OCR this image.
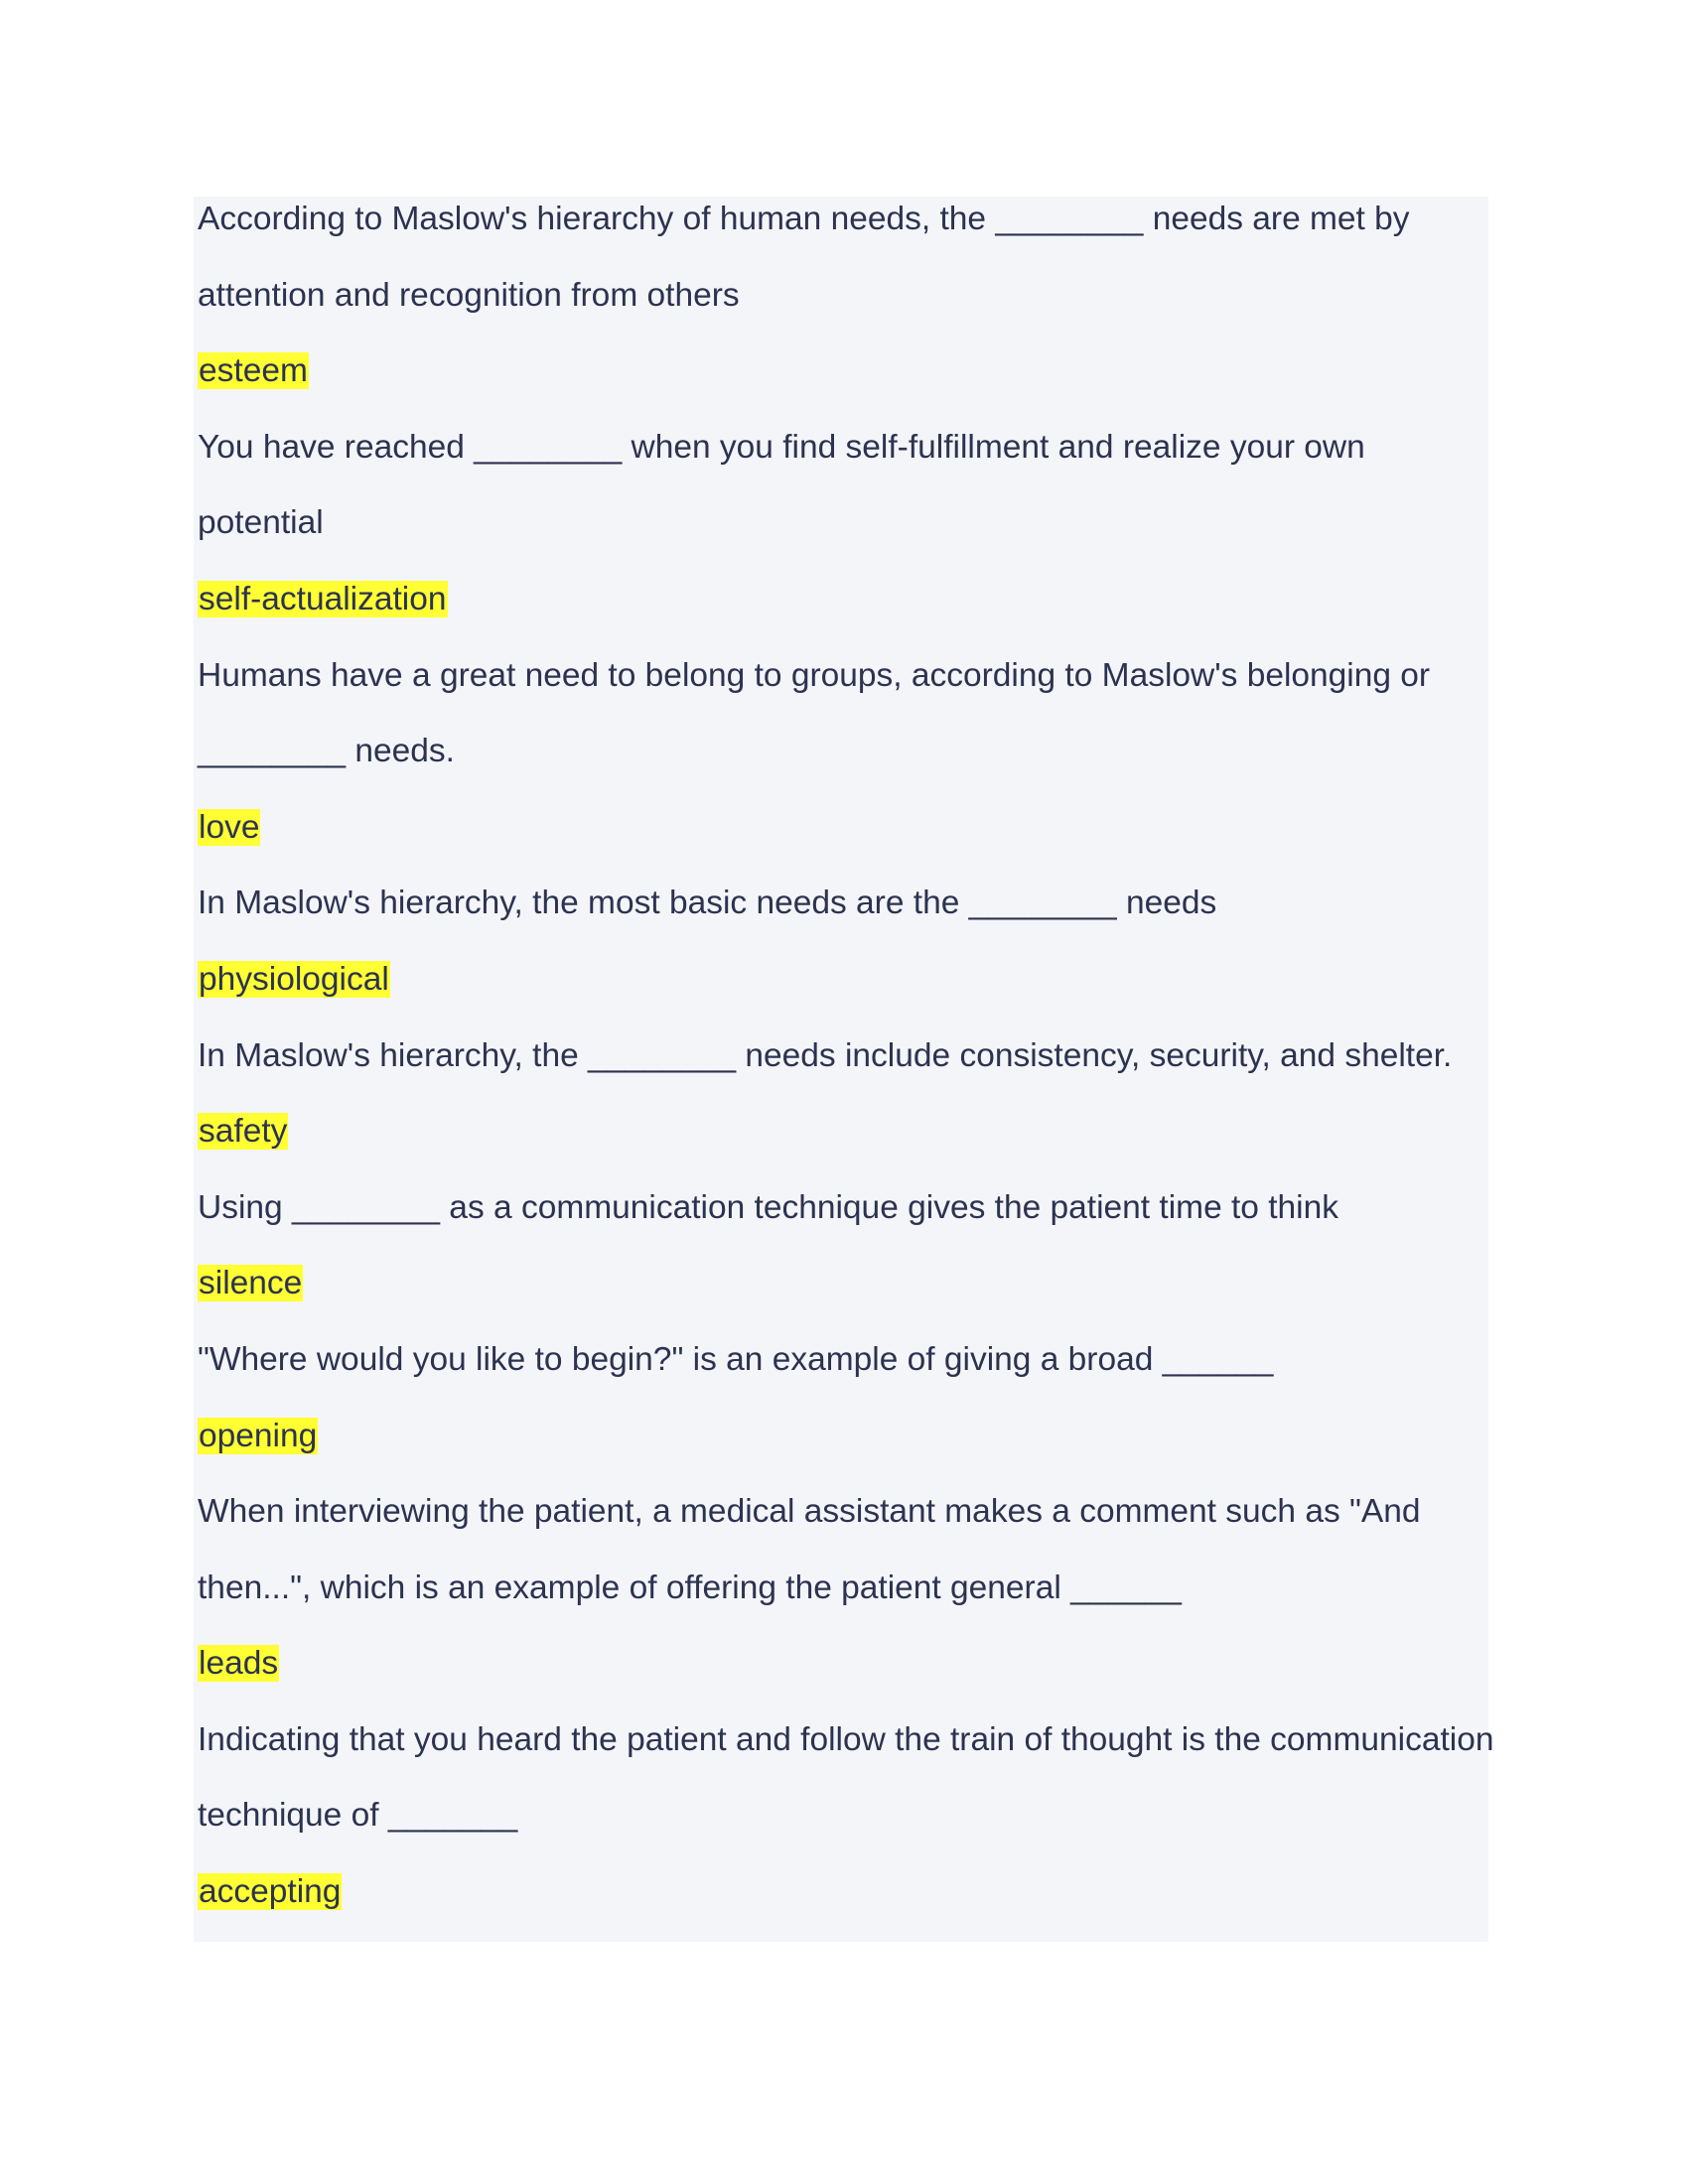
According to Maslow's hierarchy of human needs, the ________ needs are met by
attention and recognition from others
esteem
You have reached ________ when you find self-fulfillment and realize your own
potential
self-actualization
Humans have a great need to belong to groups, according to Maslow's belonging or
________ needs.
love
In Maslow's hierarchy, the most basic needs are the ________ needs
physiological
In Maslow's hierarchy, the ________ needs include consistency, security, and shelter.
safety
Using ________ as a communication technique gives the patient time to think
silence
"Where would you like to begin?" is an example of giving a broad ______
opening
When interviewing the patient, a medical assistant makes a comment such as "And
then...", which is an example of offering the patient general ______
leads
Indicating that you heard the patient and follow the train of thought is the communication
technique of _______
accepting
